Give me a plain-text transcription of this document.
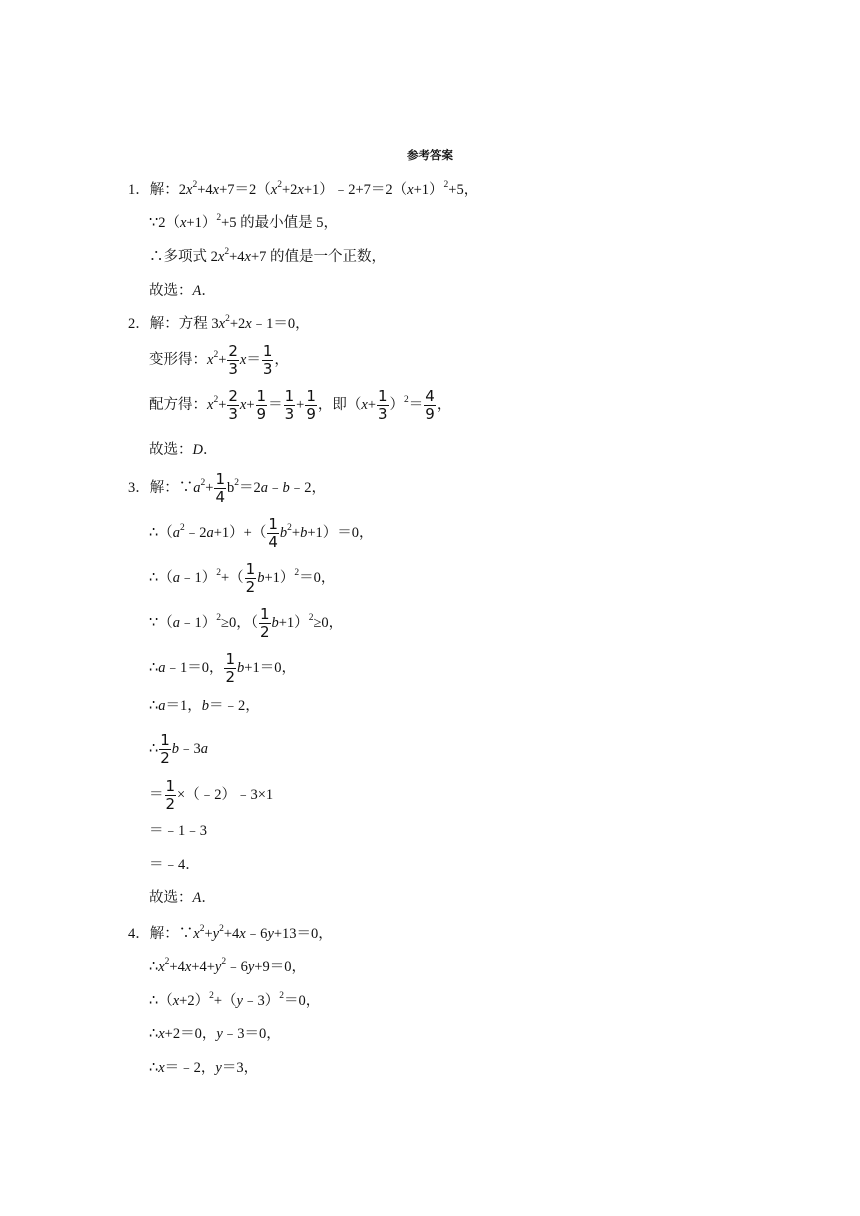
参考答案
1．解：$2x^2+4x+7=2(x^2+2x+1)﹣2+7=2(x+1)^2+5$，
$\because 2(x+1)^2+5$ 的最小值是 5，
∴多项式 $2x^2+4x+7$ 的值是一个正数，
故选：A．
2．解：方程 $3x^2+2x﹣1=0$，
变形得：$x^2+ \frac{2}{3} x= \frac{1}{3}$ ，
配方得：$x^2+ \frac{2}{3} x+ \frac{1}{9} = \frac{1}{3} + \frac{1}{9}$ ，即$(x+ \frac{1}{3} )^2= \frac{4}{9}$ ，
故选：D．
3．解：$\because a^2+ \frac{1}{4}$ $b^2=2a﹣b﹣2$，
$\therefore(a^2﹣2a+1)+( \frac{1}{4} b^2+b+1)=0$，
∴（a﹣1）$^2$+（ $\frac{1}{2} b+1)^2=0$，
∵（a﹣1）$^2$≥0，（ $\frac{1}{2} b+1)^2\ge 0$，
∴a﹣1＝0， $\frac{1}{2} b+1=0$，
∴a＝1，b＝﹣2，
∴ $\frac{1}{2}$ b﹣3a
＝ $\frac{1}{2}$ ×（﹣2）﹣3×1
＝﹣1﹣3
＝﹣4．
故选：A．
4．解：$\because x^2+y^2+4x﹣6y+13=0$，
$\therefore x^2+4x+4+y^2﹣6y+9=0$，
$\therefore(x+2)^2+(y﹣3)^2=0$，
∴x+2＝0，y﹣3＝0，
∴x＝﹣2，y＝3，
